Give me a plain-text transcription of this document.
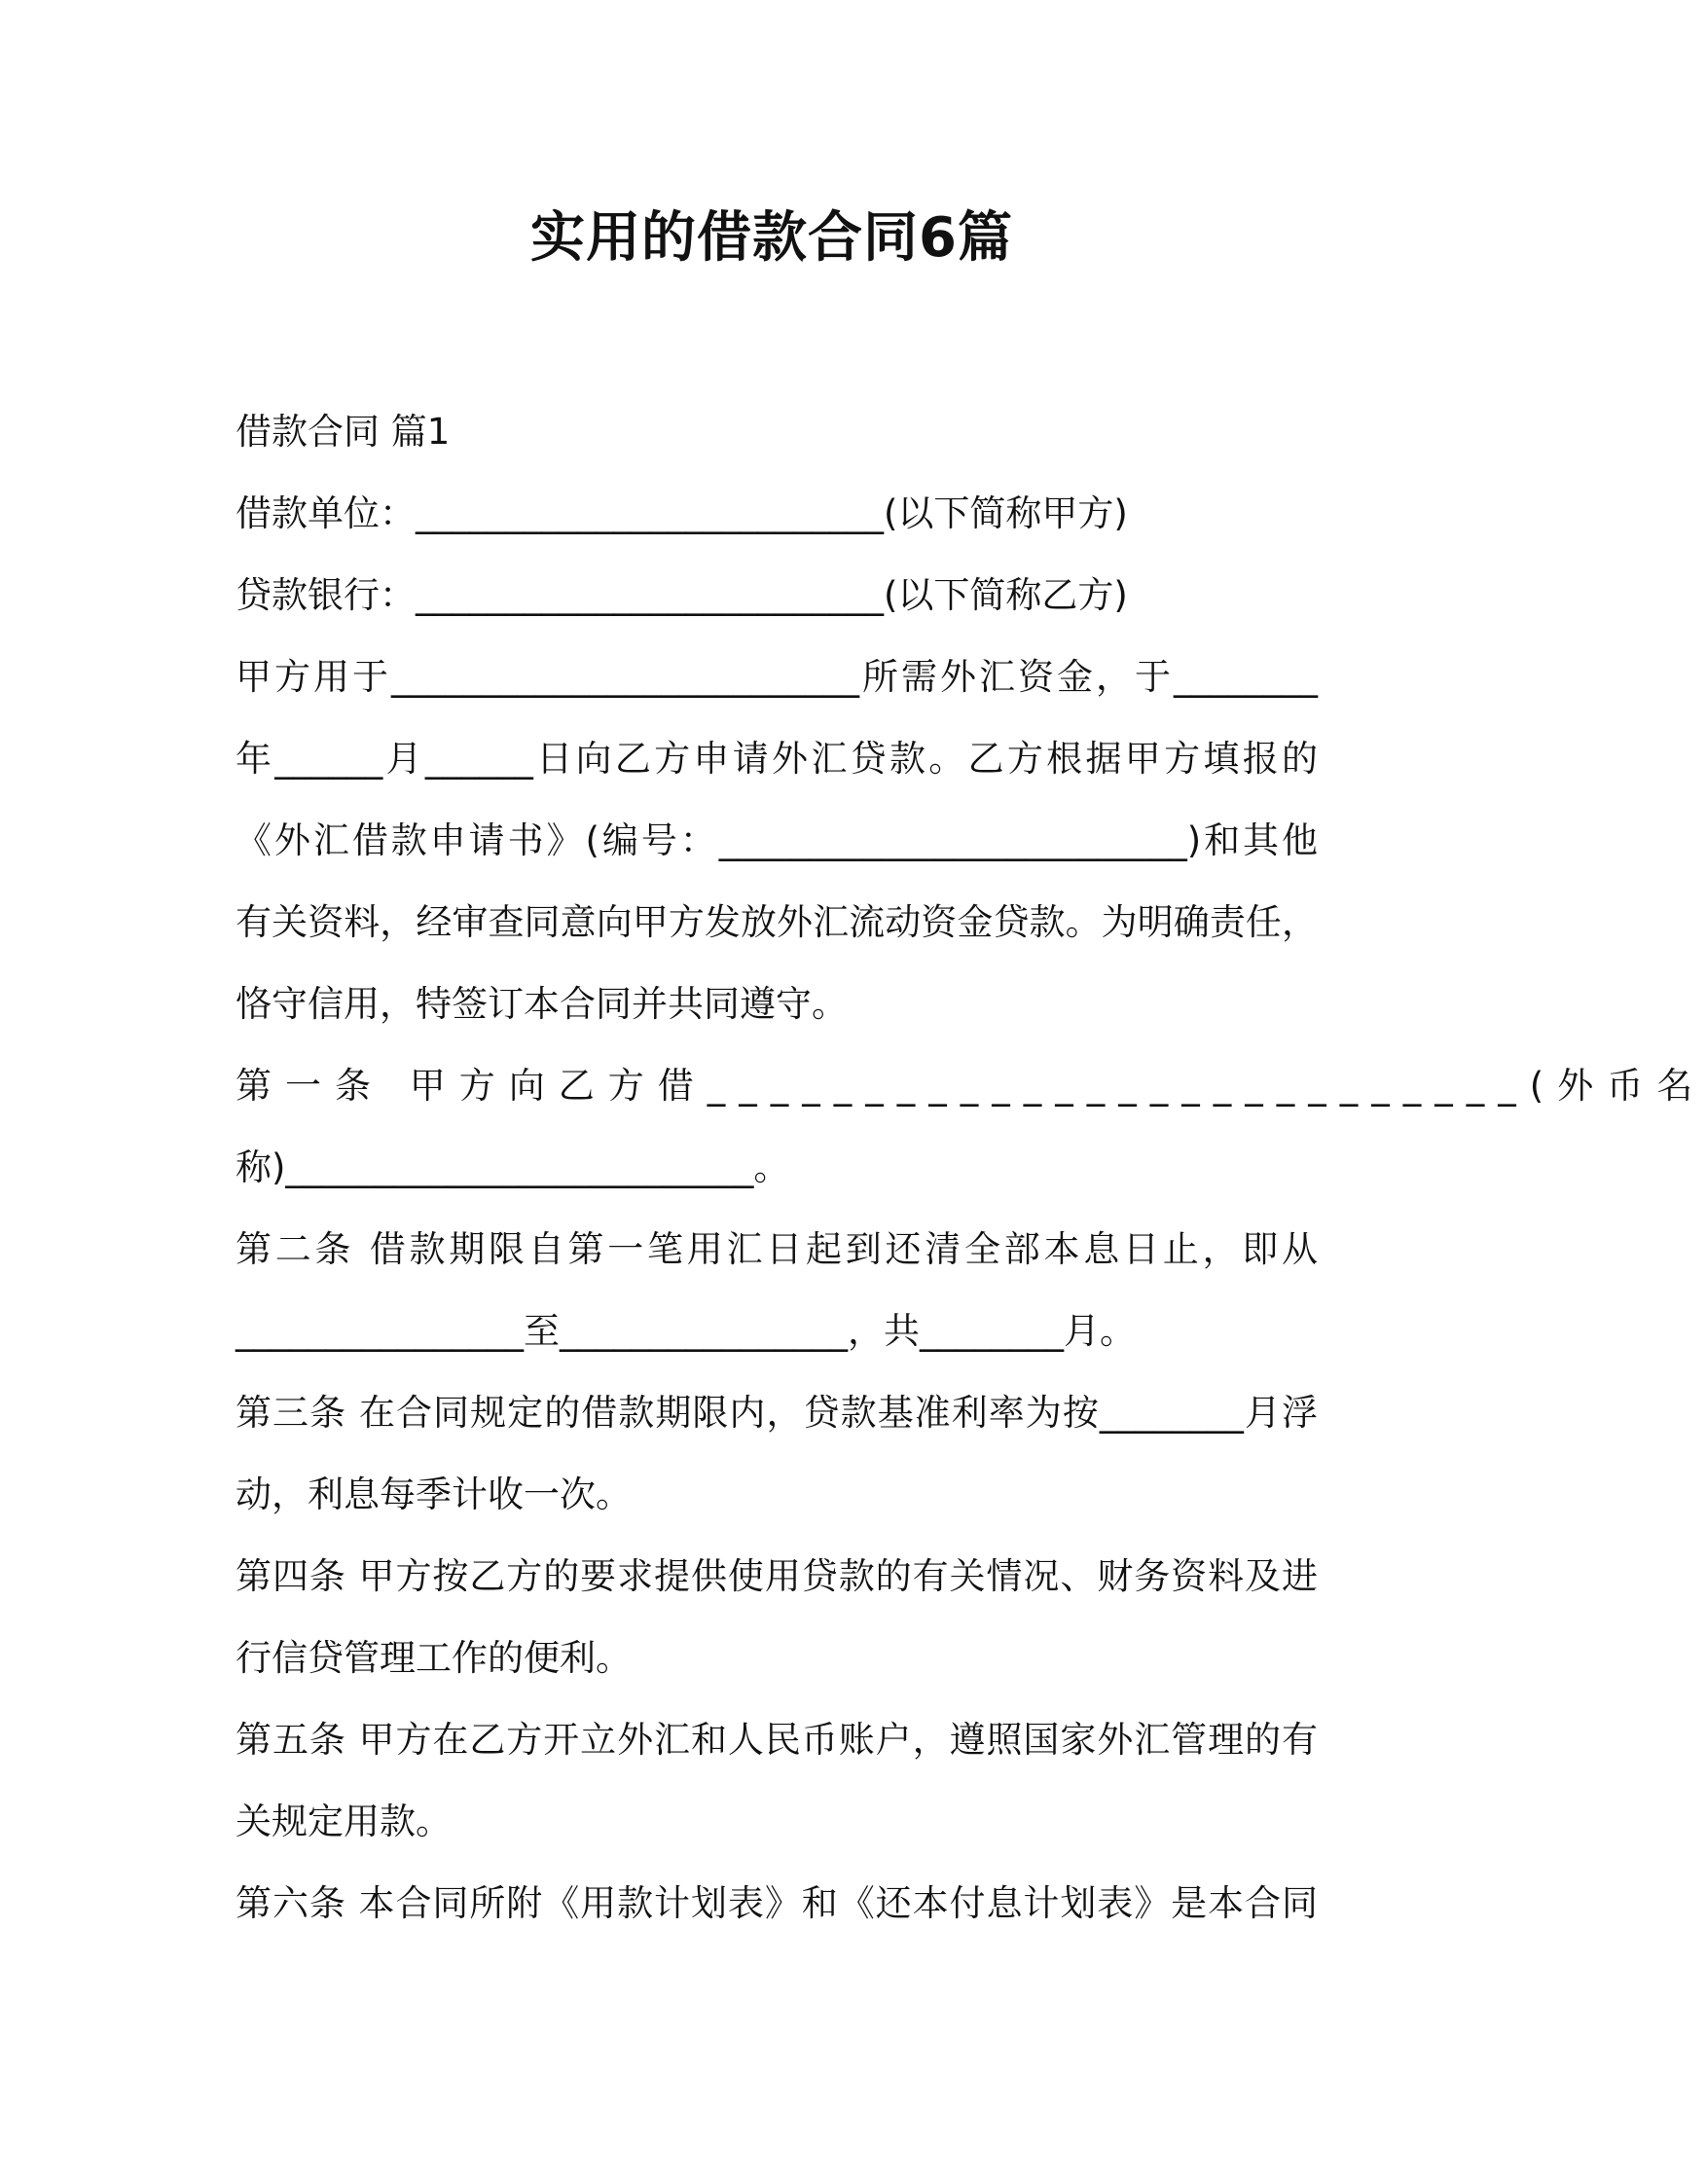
实用的借款合同6篇
借款合同 篇1
借款单位：__________________________(以下简称甲方)
贷款银行：__________________________(以下简称乙方)
甲方用于__________________________所需外汇资金，于________
年______月______日向乙方申请外汇贷款。乙方根据甲方填报的
《外汇借款申请书》(编号：__________________________)和其他
有关资料，经审查同意向甲方发放外汇流动资金贷款。为明确责任，
恪守信用，特签订本合同并共同遵守。
第一条 甲方向乙方借__________________________(外币名
称)__________________________。
第二条 借款期限自第一笔用汇日起到还清全部本息日止，即从
________________至________________，共________月。
第三条 在合同规定的借款期限内，贷款基准利率为按________月浮
动，利息每季计收一次。
第四条 甲方按乙方的要求提供使用贷款的有关情况、财务资料及进
行信贷管理工作的便利。
第五条 甲方在乙方开立外汇和人民币账户，遵照国家外汇管理的有
关规定用款。
第六条 本合同所附《用款计划表》和《还本付息计划表》是本合同
